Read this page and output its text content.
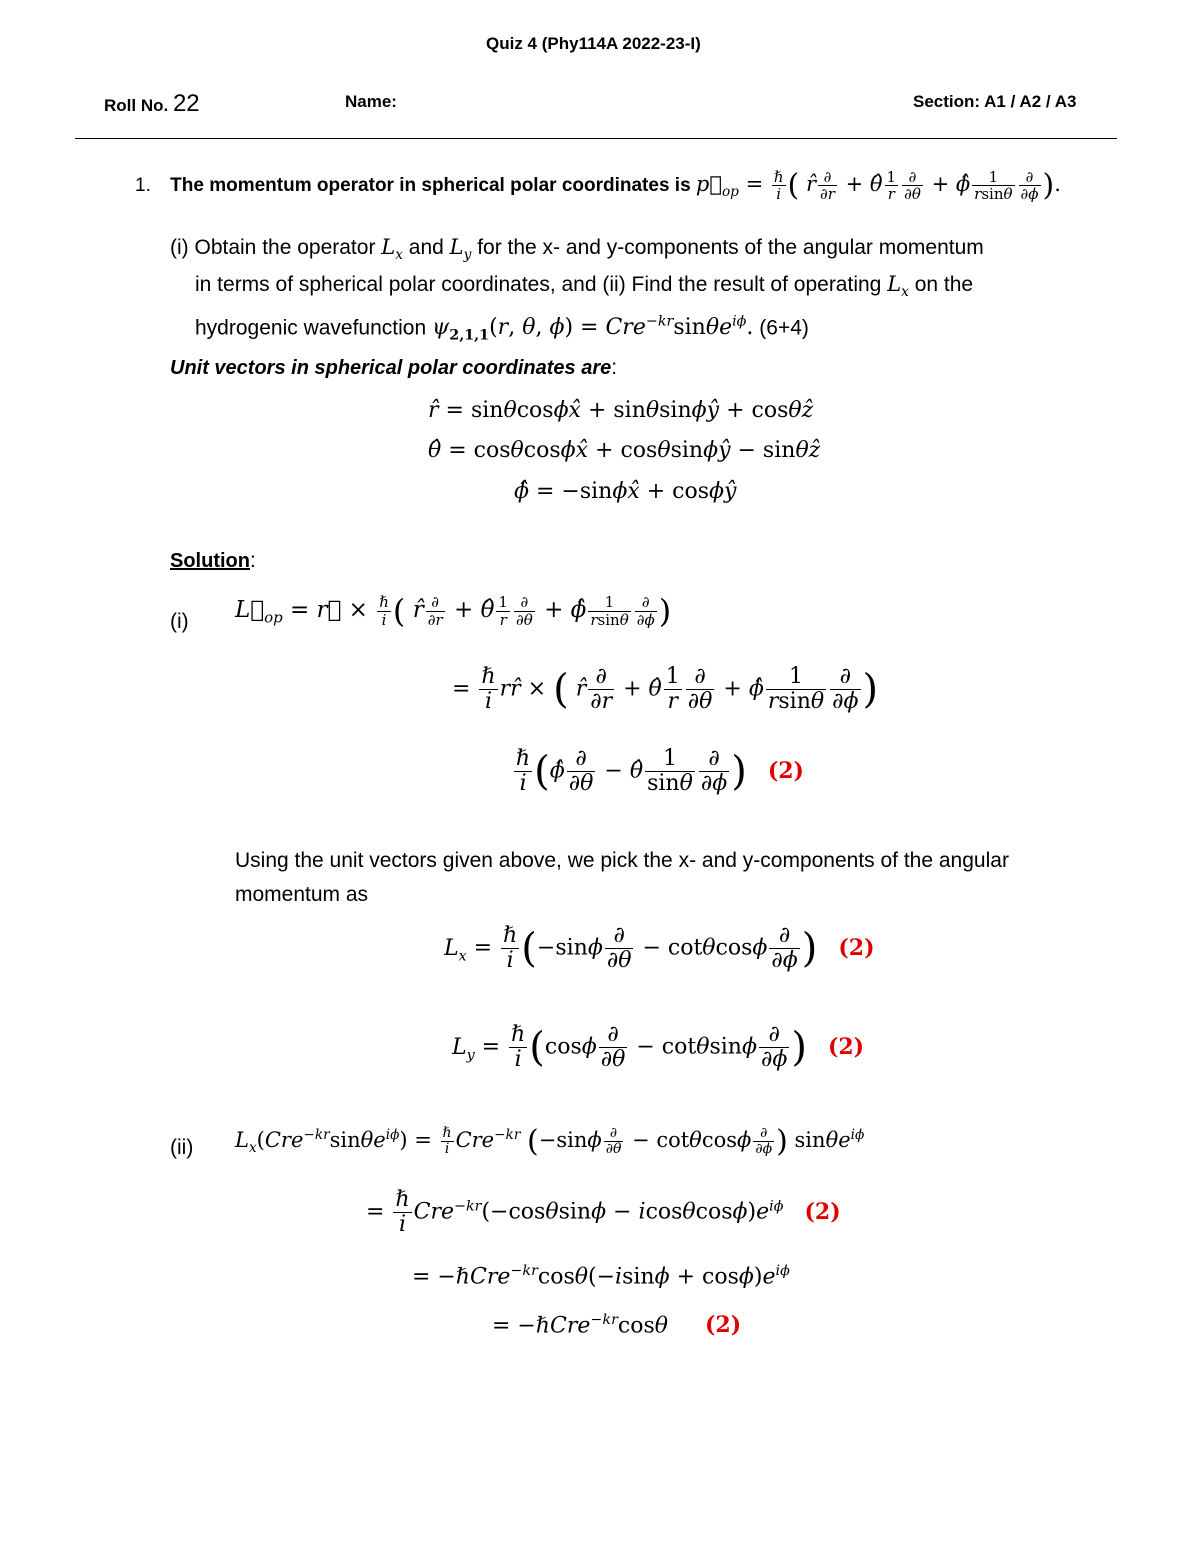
Quiz 4 (Phy114A 2022-23-I)
Roll No. 22	Name:	Section: A1 / A2 / A3
1. The momentum operator in spherical polar coordinates is $p⃗_{op} = \frac{\text{ℏ}}{i}$ ( r̂ $\frac{\partial}{\partial r}$ + θ̂ $\frac{1}{r} \frac{\partial}{\partial\theta}$ + ϕ̂ $\frac{1}{rsin\theta} \frac{\partial}{\partial\phi}$ ).
(i) Obtain the operator $L_x$ and $L_y$ for the x- and y-components of the angular momentum
in terms of spherical polar coordinates, and (ii) Find the result of operating $L_x$ on the
hydrogenic wavefunction $\psi_{2,1,1}(r$, θ, ϕ) = Cre$^{-kr}$sinθe$^{i\phi}$. (6+4)
Unit vectors in spherical polar coordinates are:
r̂ = sinθcosϕx̂ + sinθsinϕŷ + cosθẑ
θ̂ = cosθcosϕx̂ + cosθsinϕŷ − sinθẑ
ϕ̂ = −sinϕx̂ + cosϕŷ
Solution:
(i) $L⃗_{op}$ = r⃗ × $\frac{\text{ℏ}}{i}$ ( r̂ $\frac{\partial}{\partial r}$ + θ̂ $\frac{1}{r} \frac{\partial}{\partial\theta}$ + ϕ̂ $\frac{1}{rsin\theta} \frac{\partial}{\partial\phi}$ )
= $\frac{\text{ℏ}}{i}$ rr̂ × ( r̂ $\frac{\partial}{\partial r}$ + θ̂ $\frac{1}{r} \frac{\partial}{\partial\theta}$ + ϕ̂ $\frac{1}{rsin\theta} \frac{\partial}{\partial\phi}$ )
$\frac{\text{ℏ}}{i}$ (ϕ̂ $\frac{\partial}{\partial\theta}$ − θ̂ $\frac{1}{\sin\theta} \frac{\partial}{\partial\phi}$ ) (2)
Using the unit vectors given above, we pick the x- and y-components of the angular
momentum as
$L_x = \frac{\text{ℏ}}{i} (-\sin\phi \frac{\partial}{\partial\theta} - \cot\theta\cos\phi \frac{\partial}{\partial\phi}$ ) (2)
$L_y = \frac{\text{ℏ}}{i} (\cos\phi \frac{\partial}{\partial\theta} - \cot\theta\sin\phi \frac{\partial}{\partial\phi}$ ) (2)
(ii) $L_x(Cre^{-kr}\sin\theta e^{i\phi}) = \frac{\text{ℏ}}{i} Cre^{-kr}$ ($-\sin\phi \frac{\partial}{\partial\theta} - \cot\theta\cos\phi \frac{\partial}{\partial\phi}$ ) sinθe$^{i\phi}$
= $\frac{\text{ℏ}}{i} Cre^{-kr}(-\cos\theta\sin\phi - icos\theta\cos\phi)e^{i\phi}$ (2)
= −ℏCre$^{-kr}$cosθ(−isinϕ + $\cos\phi)e^{i\phi}$
= −ℏCre$^{-kr}$cosθ (2)
